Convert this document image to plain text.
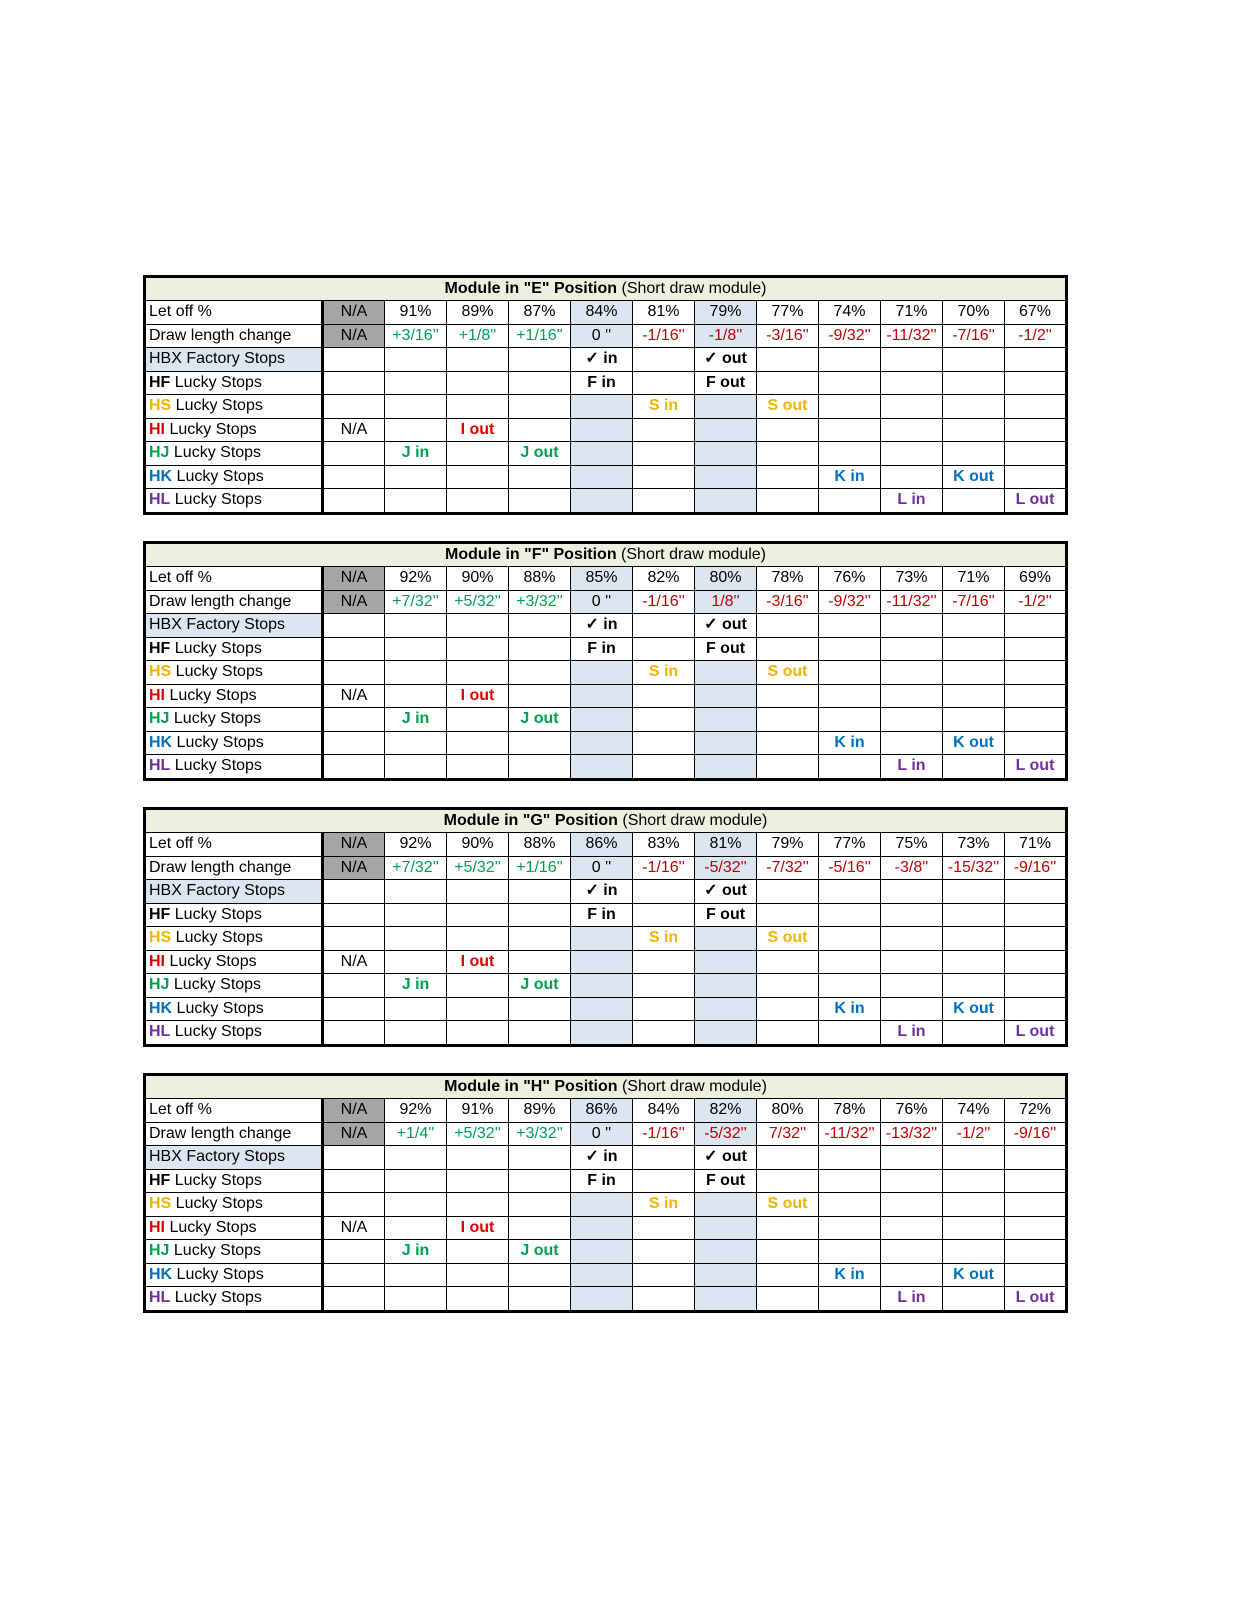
Module in "E" Position (Short draw module)												
Let off %	N/A	91%	89%	87%	84%	81%	79%	77%	74%	71%	70%	67%
Draw length change	N/A	+3/16''	+1/8''	+1/16''	0 ''	-1/16''	-1/8''	-3/16''	-9/32''	-11/32''	-7/16''	-1/2''
HBX Factory Stops					✓ in		✓ out					
HF Lucky Stops					F in		F out					
HS Lucky Stops						S in		S out				
HI Lucky Stops	N/A		I out									
HJ Lucky Stops		J in		J out								
HK Lucky Stops									K in		K out	
HL Lucky Stops										L in		L out
Module in "F" Position (Short draw module)												
Let off %	N/A	92%	90%	88%	85%	82%	80%	78%	76%	73%	71%	69%
Draw length change	N/A	+7/32''	+5/32''	+3/32''	0 ''	-1/16''	1/8''	-3/16''	-9/32''	-11/32''	-7/16''	-1/2''
HBX Factory Stops					✓ in		✓ out					
HF Lucky Stops					F in		F out					
HS Lucky Stops						S in		S out				
HI Lucky Stops	N/A		I out									
HJ Lucky Stops		J in		J out								
HK Lucky Stops									K in		K out	
HL Lucky Stops										L in		L out
Module in "G" Position (Short draw module)												
Let off %	N/A	92%	90%	88%	86%	83%	81%	79%	77%	75%	73%	71%
Draw length change	N/A	+7/32''	+5/32''	+1/16''	0 ''	-1/16''	-5/32''	-7/32''	-5/16''	-3/8''	-15/32''	-9/16''
HBX Factory Stops					✓ in		✓ out					
HF Lucky Stops					F in		F out					
HS Lucky Stops						S in		S out				
HI Lucky Stops	N/A		I out									
HJ Lucky Stops		J in		J out								
HK Lucky Stops									K in		K out	
HL Lucky Stops										L in		L out
Module in "H" Position (Short draw module)												
Let off %	N/A	92%	91%	89%	86%	84%	82%	80%	78%	76%	74%	72%
Draw length change	N/A	+1/4''	+5/32''	+3/32''	0 ''	-1/16''	-5/32''	7/32''	-11/32''	-13/32''	-1/2''	-9/16''
HBX Factory Stops					✓ in		✓ out					
HF Lucky Stops					F in		F out					
HS Lucky Stops						S in		S out				
HI Lucky Stops	N/A		I out									
HJ Lucky Stops		J in		J out								
HK Lucky Stops									K in		K out	
HL Lucky Stops										L in		L out
